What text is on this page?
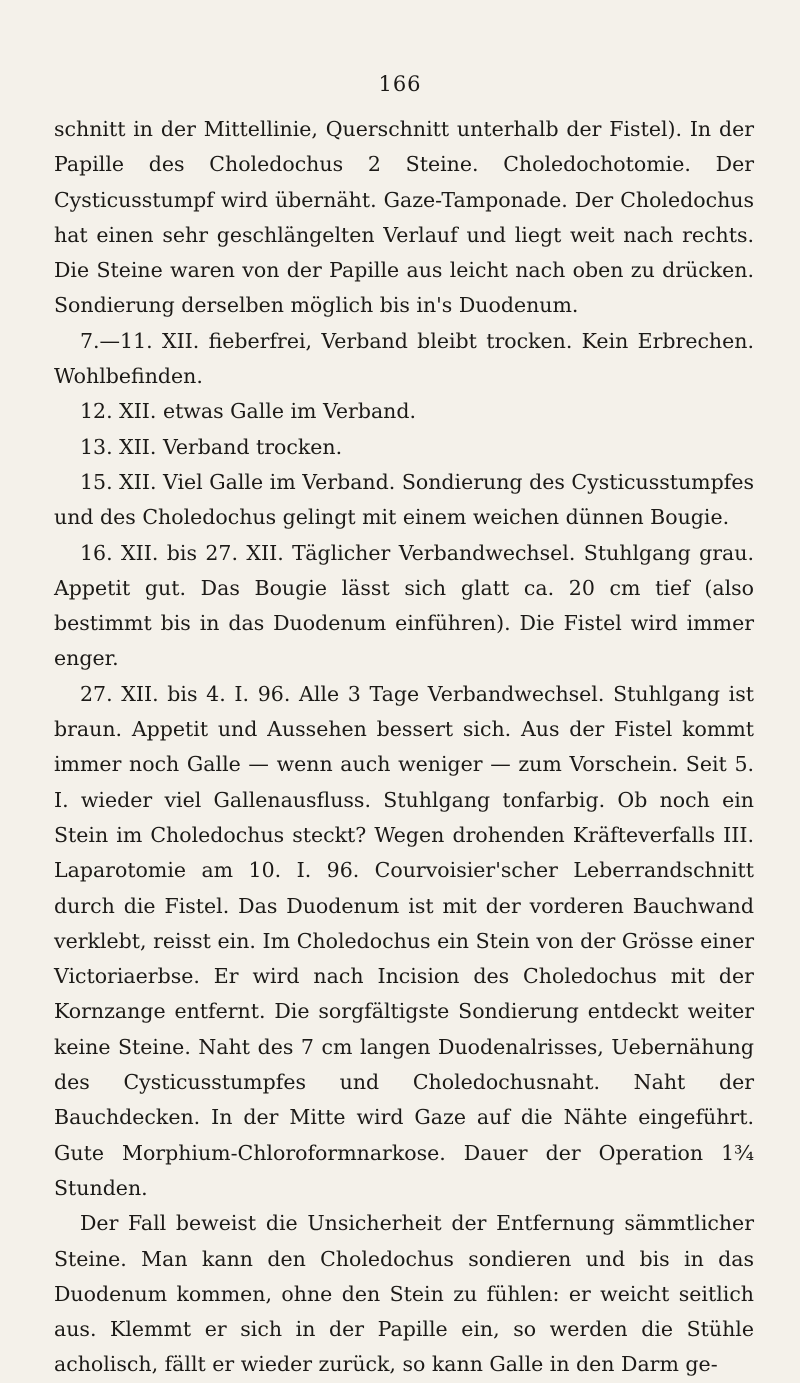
166

schnitt in der Mittellinie, Querschnitt unterhalb der Fistel). In der Papille des Choledochus 2 Steine. Choledochotomie. Der Cysticusstumpf wird übernäht. Gaze-Tamponade. Der Choledochus hat einen sehr geschlängelten Verlauf und liegt weit nach rechts. Die Steine waren von der Papille aus leicht nach oben zu drücken. Sondierung derselben möglich bis in's Duodenum.

7.—11. XII. fieberfrei, Verband bleibt trocken. Kein Erbrechen. Wohlbefinden.

12. XII. etwas Galle im Verband.

13. XII. Verband trocken.

15. XII. Viel Galle im Verband. Sondierung des Cysticusstumpfes und des Choledochus gelingt mit einem weichen dünnen Bougie.

16. XII. bis 27. XII. Täglicher Verbandwechsel. Stuhlgang grau. Appetit gut. Das Bougie lässt sich glatt ca. 20 cm tief (also bestimmt bis in das Duodenum einführen). Die Fistel wird immer enger.

27. XII. bis 4. I. 96. Alle 3 Tage Verbandwechsel. Stuhlgang ist braun. Appetit und Aussehen bessert sich. Aus der Fistel kommt immer noch Galle — wenn auch weniger — zum Vorschein. Seit 5. I. wieder viel Gallenausfluss. Stuhlgang tonfarbig. Ob noch ein Stein im Choledochus steckt? Wegen drohenden Kräfteverfalls III. Laparotomie am 10. I. 96. Courvoisier'scher Leberrandschnitt durch die Fistel. Das Duodenum ist mit der vorderen Bauchwand verklebt, reisst ein. Im Choledochus ein Stein von der Grösse einer Victoriaerbse. Er wird nach Incision des Choledochus mit der Kornzange entfernt. Die sorgfältigste Sondierung entdeckt weiter keine Steine. Naht des 7 cm langen Duodenalrisses, Uebernähung des Cysticusstumpfes und Choledochusnaht. Naht der Bauchdecken. In der Mitte wird Gaze auf die Nähte eingeführt. Gute Morphium-Chloroformnarkose. Dauer der Operation 1¾ Stunden.

Der Fall beweist die Unsicherheit der Entfernung sämmtlicher Steine. Man kann den Choledochus sondieren und bis in das Duodenum kommen, ohne den Stein zu fühlen: er weicht seitlich aus. Klemmt er sich in der Papille ein, so werden die Stühle acholisch, fällt er wieder zurück, so kann Galle in den Darm ge-
